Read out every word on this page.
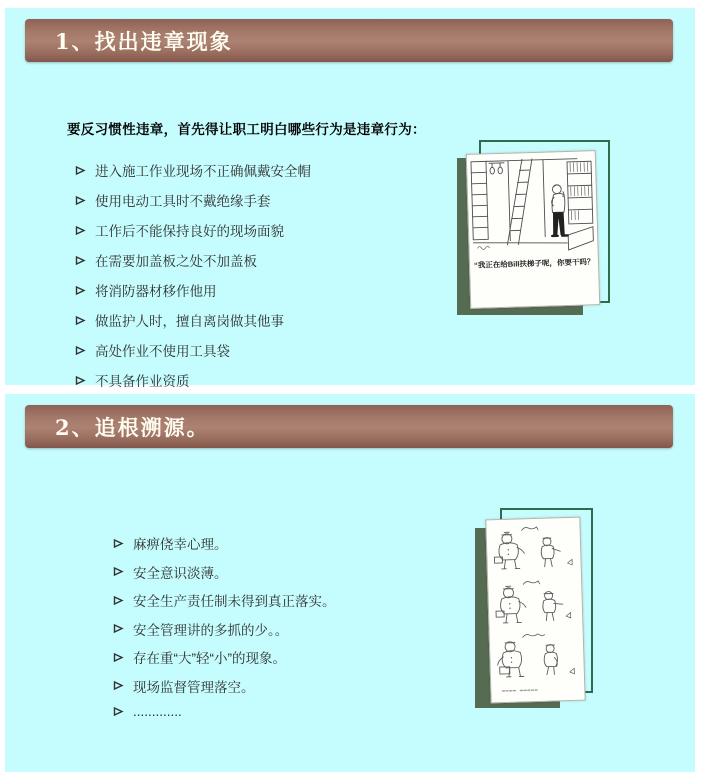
1、找出违章现象

要反习惯性违章，首先得让职工明白哪些行为是违章行为：

进入施工作业现场不正确佩戴安全帽
使用电动工具时不戴绝缘手套
工作后不能保持良好的现场面貌
在需要加盖板之处不加盖板
将消防器材移作他用
做监护人时，擅自离岗做其他事
高处作业不使用工具袋
不具备作业资质
“我正在给Bill扶梯子呢，你要干吗？
2、追根溯源。
麻痹侥幸心理。
安全意识淡薄。
安全生产责任制未得到真正落实。
安全管理讲的多抓的少。。
存在重“大”轻“小”的现象。
现场监督管理落空。
.............
